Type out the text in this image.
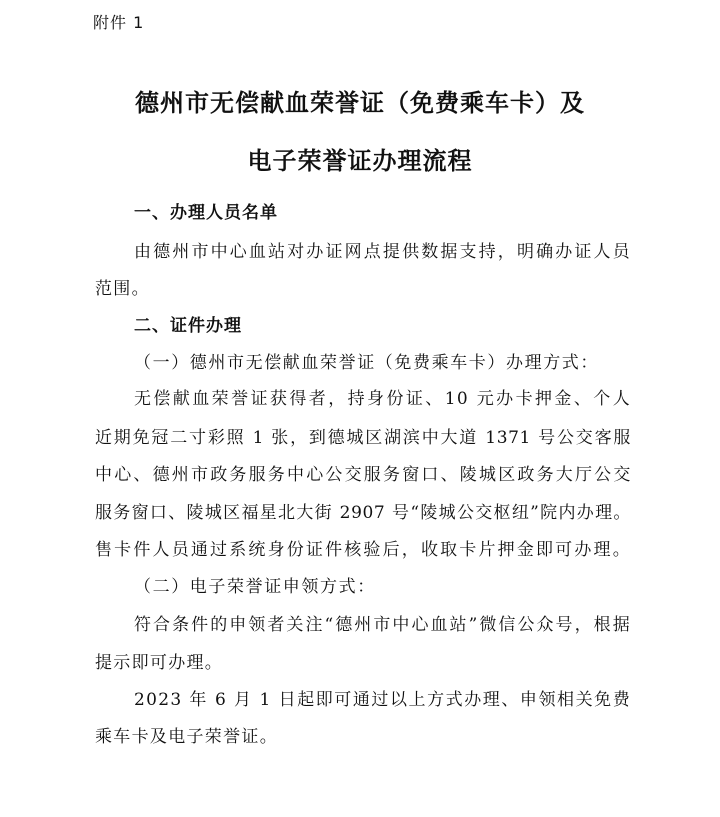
附件 1
德州市无偿献血荣誉证（免费乘车卡）及
电子荣誉证办理流程
一、办理人员名单
由德州市中心血站对办证网点提供数据支持，明确办证人员
范围。
二、证件办理
（一）德州市无偿献血荣誉证（免费乘车卡）办理方式：
无偿献血荣誉证获得者，持身份证、10 元办卡押金、个人
近期免冠二寸彩照 1 张，到德城区湖滨中大道 1371 号公交客服
中心、德州市政务服务中心公交服务窗口、陵城区政务大厅公交
服务窗口、陵城区福星北大街 2907 号“陵城公交枢纽”院内办理。
售卡件人员通过系统身份证件核验后，收取卡片押金即可办理。
（二）电子荣誉证申领方式：
符合条件的申领者关注“德州市中心血站”微信公众号，根据
提示即可办理。
2023 年 6 月 1 日起即可通过以上方式办理、申领相关免费
乘车卡及电子荣誉证。
